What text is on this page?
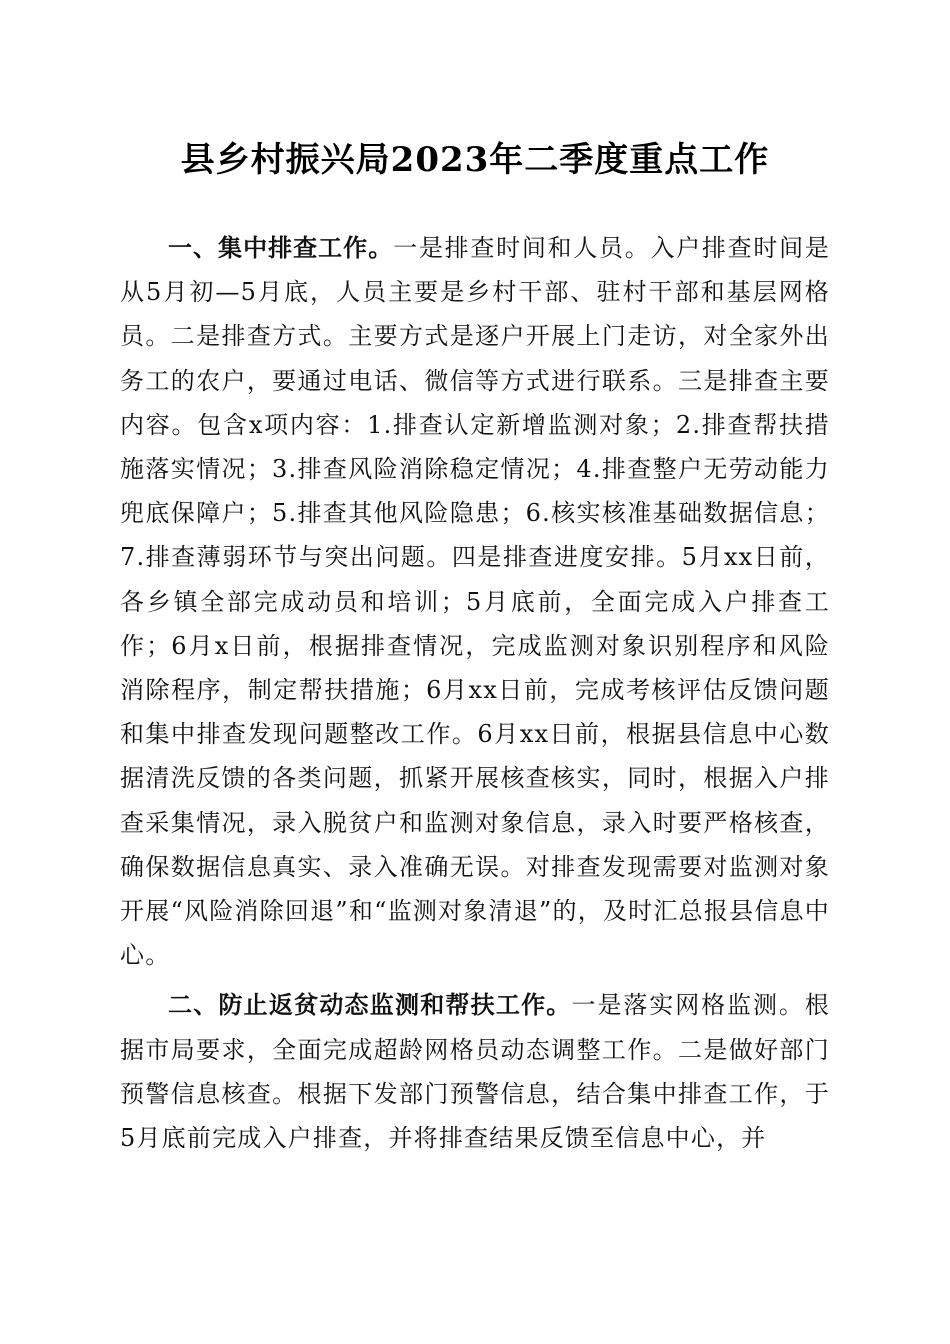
县乡村振兴局2023年二季度重点工作

一、集中排查工作。一是排查时间和人员。入户排查时间是从5月初—5月底，人员主要是乡村干部、驻村干部和基层网格员。二是排查方式。主要方式是逐户开展上门走访，对全家外出务工的农户，要通过电话、微信等方式进行联系。三是排查主要内容。包含x项内容：1.排查认定新增监测对象；2.排查帮扶措施落实情况；3.排查风险消除稳定情况；4.排查整户无劳动能力兜底保障户；5.排查其他风险隐患；6.核实核准基础数据信息；7.排查薄弱环节与突出问题。四是排查进度安排。5月xx日前，各乡镇全部完成动员和培训；5月底前，全面完成入户排查工作；6月x日前，根据排查情况，完成监测对象识别程序和风险消除程序，制定帮扶措施；6月xx日前，完成考核评估反馈问题和集中排查发现问题整改工作。6月xx日前，根据县信息中心数据清洗反馈的各类问题，抓紧开展核查核实，同时，根据入户排查采集情况，录入脱贫户和监测对象信息，录入时要严格核查，确保数据信息真实、录入准确无误。对排查发现需要对监测对象开展“风险消除回退”和“监测对象清退”的，及时汇总报县信息中心。

二、防止返贫动态监测和帮扶工作。一是落实网格监测。根据市局要求，全面完成超龄网格员动态调整工作。二是做好部门预警信息核查。根据下发部门预警信息，结合集中排查工作，于5月底前完成入户排查，并将排查结果反馈至信息中心，并
